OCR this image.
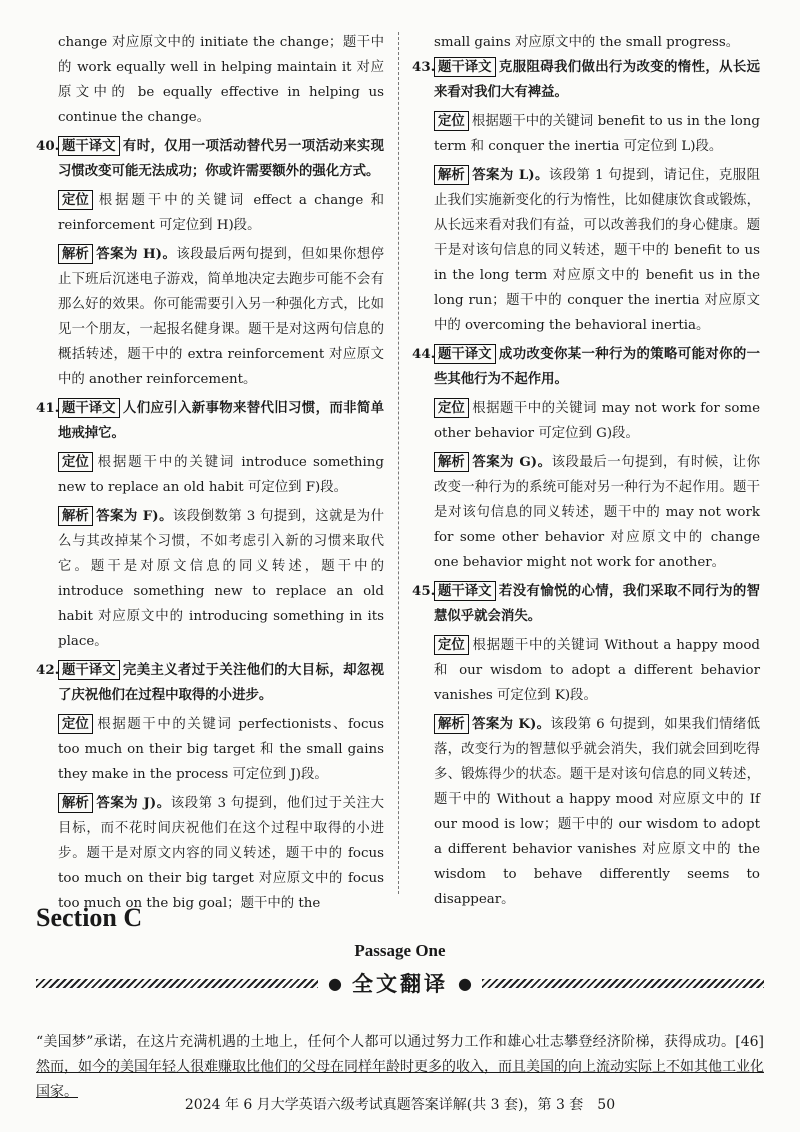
change 对应原文中的 initiate the change；题干中的 work equally well in helping maintain it 对应原文中的 be equally effective in helping us continue the change。

40. 题干译文 有时，仅用一项活动替代另一项活动来实现习惯改变可能无法成功；你或许需要额外的强化方式。

定位 根据题干中的关键词 effect a change 和 reinforcement 可定位到 H)段。

解析 答案为 H)。该段最后两句提到，但如果你想停止下班后沉迷电子游戏，简单地决定去跑步可能不会有那么好的效果。你可能需要引入另一种强化方式，比如见一个朋友，一起报名健身课。题干是对这两句信息的概括转述，题干中的 extra reinforcement 对应原文中的 another reinforcement。

41. 题干译文 人们应引入新事物来替代旧习惯，而非简单地戒掉它。

定位 根据题干中的关键词 introduce something new to replace an old habit 可定位到 F)段。

解析 答案为 F)。该段倒数第 3 句提到，这就是为什么与其改掉某个习惯，不如考虑引入新的习惯来取代它。题干是对原文信息的同义转述，题干中的 introduce something new to replace an old habit 对应原文中的 introducing something in its place。

42. 题干译文 完美主义者过于关注他们的大目标，却忽视了庆祝他们在过程中取得的小进步。

定位 根据题干中的关键词 perfectionists、focus too much on their big target 和 the small gains they make in the process 可定位到 J)段。

解析 答案为 J)。该段第 3 句提到，他们过于关注大目标，而不花时间庆祝他们在这个过程中取得的小进步。题干是对原文内容的同义转述，题干中的 focus too much on their big target 对应原文中的 focus too much on the big goal；题干中的 the

small gains 对应原文中的 the small progress。

43. 题干译文 克服阻碍我们做出行为改变的惰性，从长远来看对我们大有裨益。

定位 根据题干中的关键词 benefit to us in the long term 和 conquer the inertia 可定位到 L)段。

解析 答案为 L)。该段第 1 句提到，请记住，克服阻止我们实施新变化的行为惰性，比如健康饮食或锻炼，从长远来看对我们有益，可以改善我们的身心健康。题干是对该句信息的同义转述，题干中的 benefit to us in the long term 对应原文中的 benefit us in the long run；题干中的 conquer the inertia 对应原文中的 overcoming the behavioral inertia。

44. 题干译文 成功改变你某一种行为的策略可能对你的一些其他行为不起作用。

定位 根据题干中的关键词 may not work for some other behavior 可定位到 G)段。

解析 答案为 G)。该段最后一句提到，有时候，让你改变一种行为的系统可能对另一种行为不起作用。题干是对该句信息的同义转述，题干中的 may not work for some other behavior 对应原文中的 change one behavior might not work for another。

45. 题干译文 若没有愉悦的心情，我们采取不同行为的智慧似乎就会消失。

定位 根据题干中的关键词 Without a happy mood 和 our wisdom to adopt a different behavior vanishes 可定位到 K)段。

解析 答案为 K)。该段第 6 句提到，如果我们情绪低落，改变行为的智慧似乎就会消失，我们就会回到吃得多、锻炼得少的状态。题干是对该句信息的同义转述，题干中的 Without a happy mood 对应原文中的 If our mood is low；题干中的 our wisdom to adopt a different behavior vanishes 对应原文中的 the wisdom to behave differently seems to disappear。

Section C
Passage One
● 全文翻译 ●

“美国梦”承诺，在这片充满机遇的土地上，任何个人都可以通过努力工作和雄心壮志攀登经济阶梯，获得成功。[46] 然而，如今的美国年轻人很难赚取比他们的父母在同样年龄时更多的收入，而且美国的向上流动实际上不如其他工业化国家。

2024 年 6 月大学英语六级考试真题答案详解(共 3 套)，第 3 套　50
